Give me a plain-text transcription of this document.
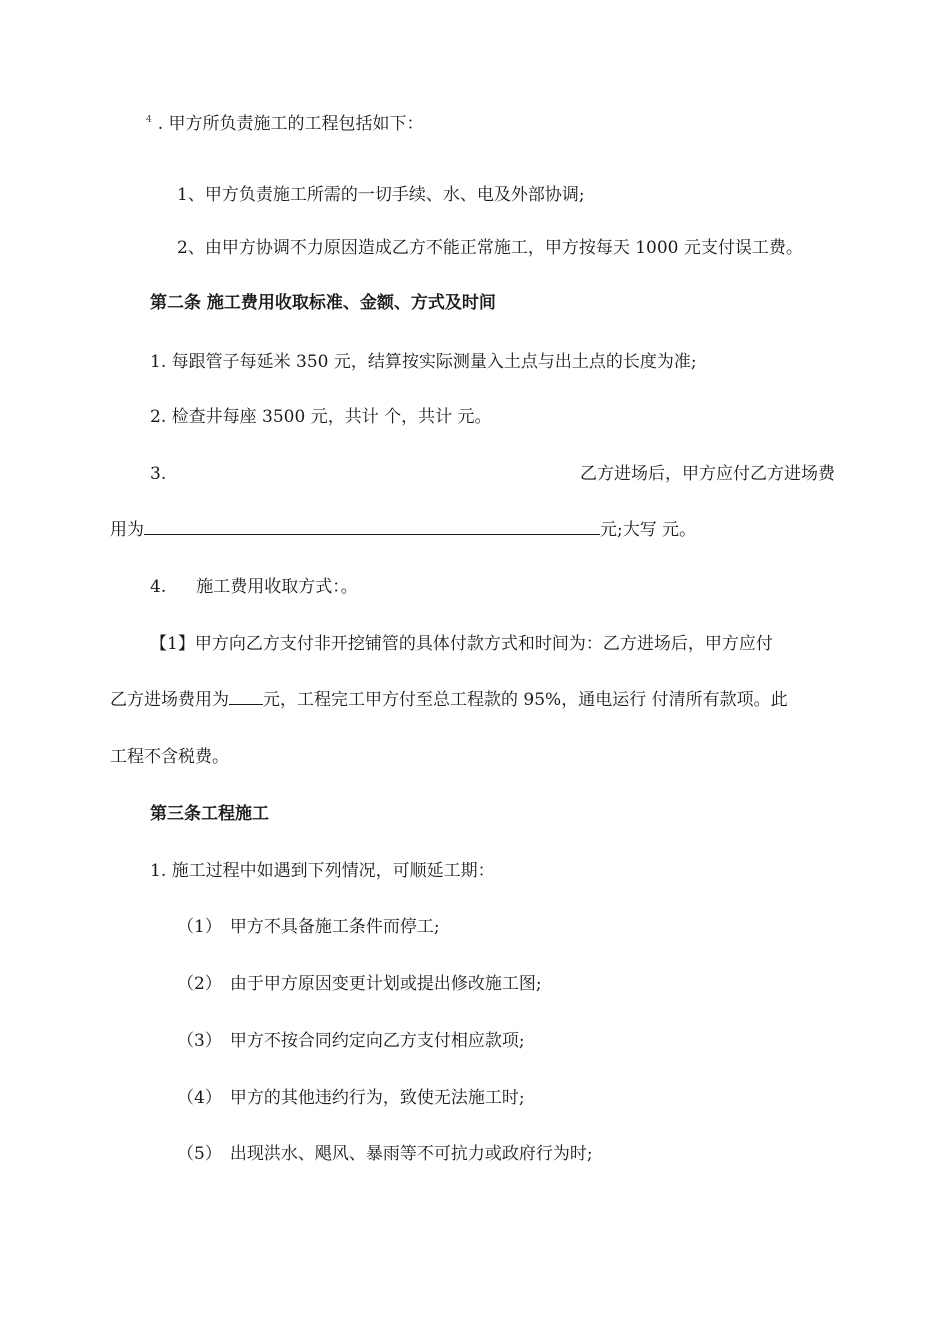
$^4$ . 甲方所负责施工的工程包括如下：
1、甲方负责施工所需的一切手续、水、电及外部协调;
2、由甲方协调不力原因造成乙方不能正常施工，甲方按每天 1000 元支付误工费。
第二条 施工费用收取标准、金额、方式及时间
1. 每跟管子每延米 350 元，结算按实际测量入土点与出土点的长度为准;
2. 检查井每座 3500 元，共计 个，共计 元。
3.	乙方进场后，甲方应付乙方进场费
用为	元;大写 元。
4. 施工费用收取方式：。
【1】甲方向乙方支付非开挖铺管的具体付款方式和时间为：乙方进场后，甲方应付
乙方进场费用为 元，工程完工甲方付至总工程款的 95%，通电运行 付清所有款项。此
工程不含税费。
第三条工程施工
1. 施工过程中如遇到下列情况，可顺延工期：
（1） 甲方不具备施工条件而停工;
（2） 由于甲方原因变更计划或提出修改施工图;
（3） 甲方不按合同约定向乙方支付相应款项;
（4） 甲方的其他违约行为，致使无法施工时;
（5） 出现洪水、飓风、暴雨等不可抗力或政府行为时;
